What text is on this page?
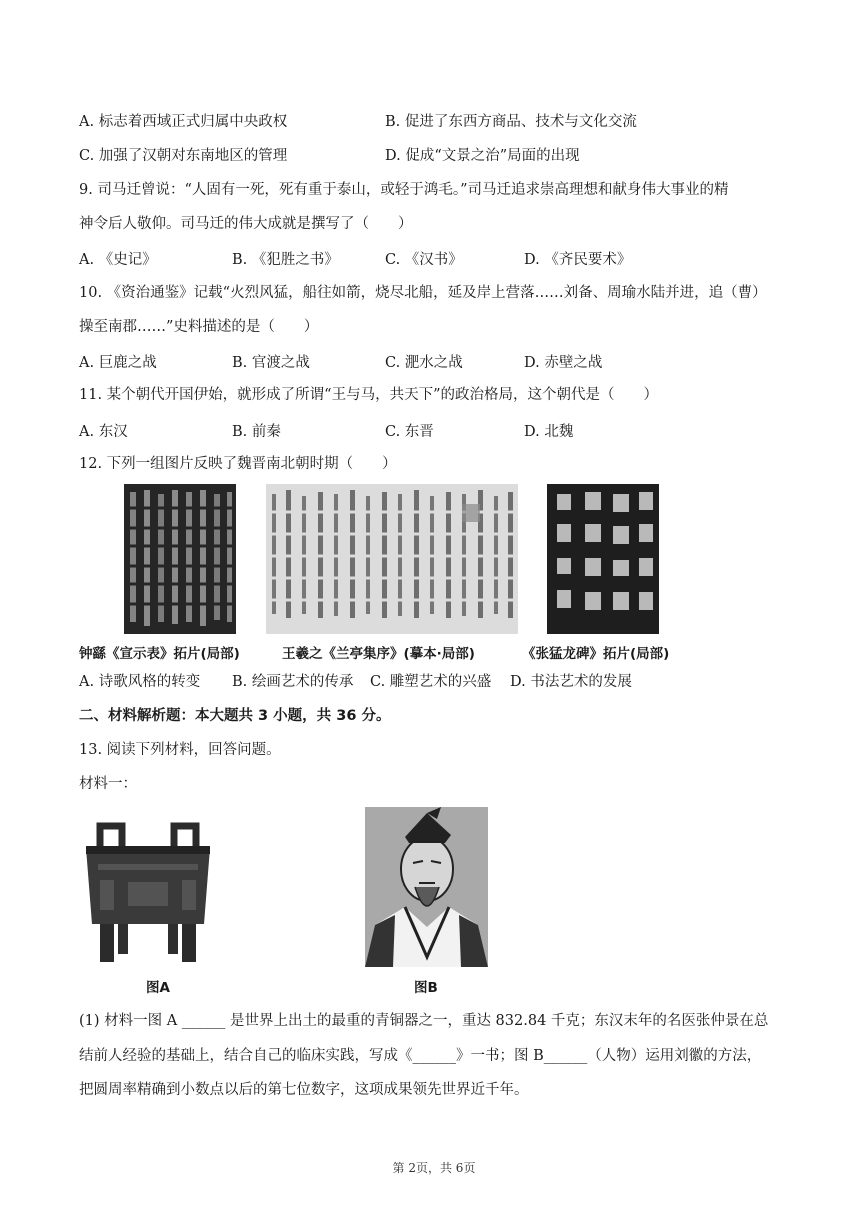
A. 标志着西域正式归属中央政权	B. 促进了东西方商品、技术与文化交流
C. 加强了汉朝对东南地区的管理	D. 促成“文景之治”局面的出现
9. 司马迁曾说：“人固有一死，死有重于泰山，或轻于鸿毛。”司马迁追求崇高理想和献身伟大事业的精
神令后人敬仰。司马迁的伟大成就是撰写了（　　）
A. 《史记》	B. 《犯胜之书》	C. 《汉书》	D. 《齐民要术》
10. 《资治通鉴》记载“火烈风猛，船往如箭，烧尽北船，延及岸上营落……刘备、周瑜水陆并进，追（曹）
操至南郡……”史料描述的是（　　）
A. 巨鹿之战	B. 官渡之战	C. 淝水之战	D. 赤壁之战
11. 某个朝代开国伊始，就形成了所谓“王与马，共天下”的政治格局，这个朝代是（　　）
A. 东汉	B. 前秦	C. 东晋	D. 北魏
12. 下列一组图片反映了魏晋南北朝时期（　　）
钟繇《宣示表》拓片(局部)	王羲之《兰亭集序》(摹本·局部)	《张猛龙碑》拓片(局部)
A. 诗歌风格的转变 B. 绘画艺术的传承 C. 雕塑艺术的兴盛 D. 书法艺术的发展
二、材料解析题：本大题共 3 小题，共 36 分。
13. 阅读下列材料，回答问题。
材料一：
图A	图B
(1) 材料一图 A ______ 是世界上出土的最重的青铜器之一，重达 832.84 千克；东汉末年的名医张仲景在总
结前人经验的基础上，结合自己的临床实践，写成《______》一书；图 B______（人物）运用刘徽的方法，
把圆周率精确到小数点以后的第七位数字，这项成果领先世界近千年。
第 2页，共 6页
